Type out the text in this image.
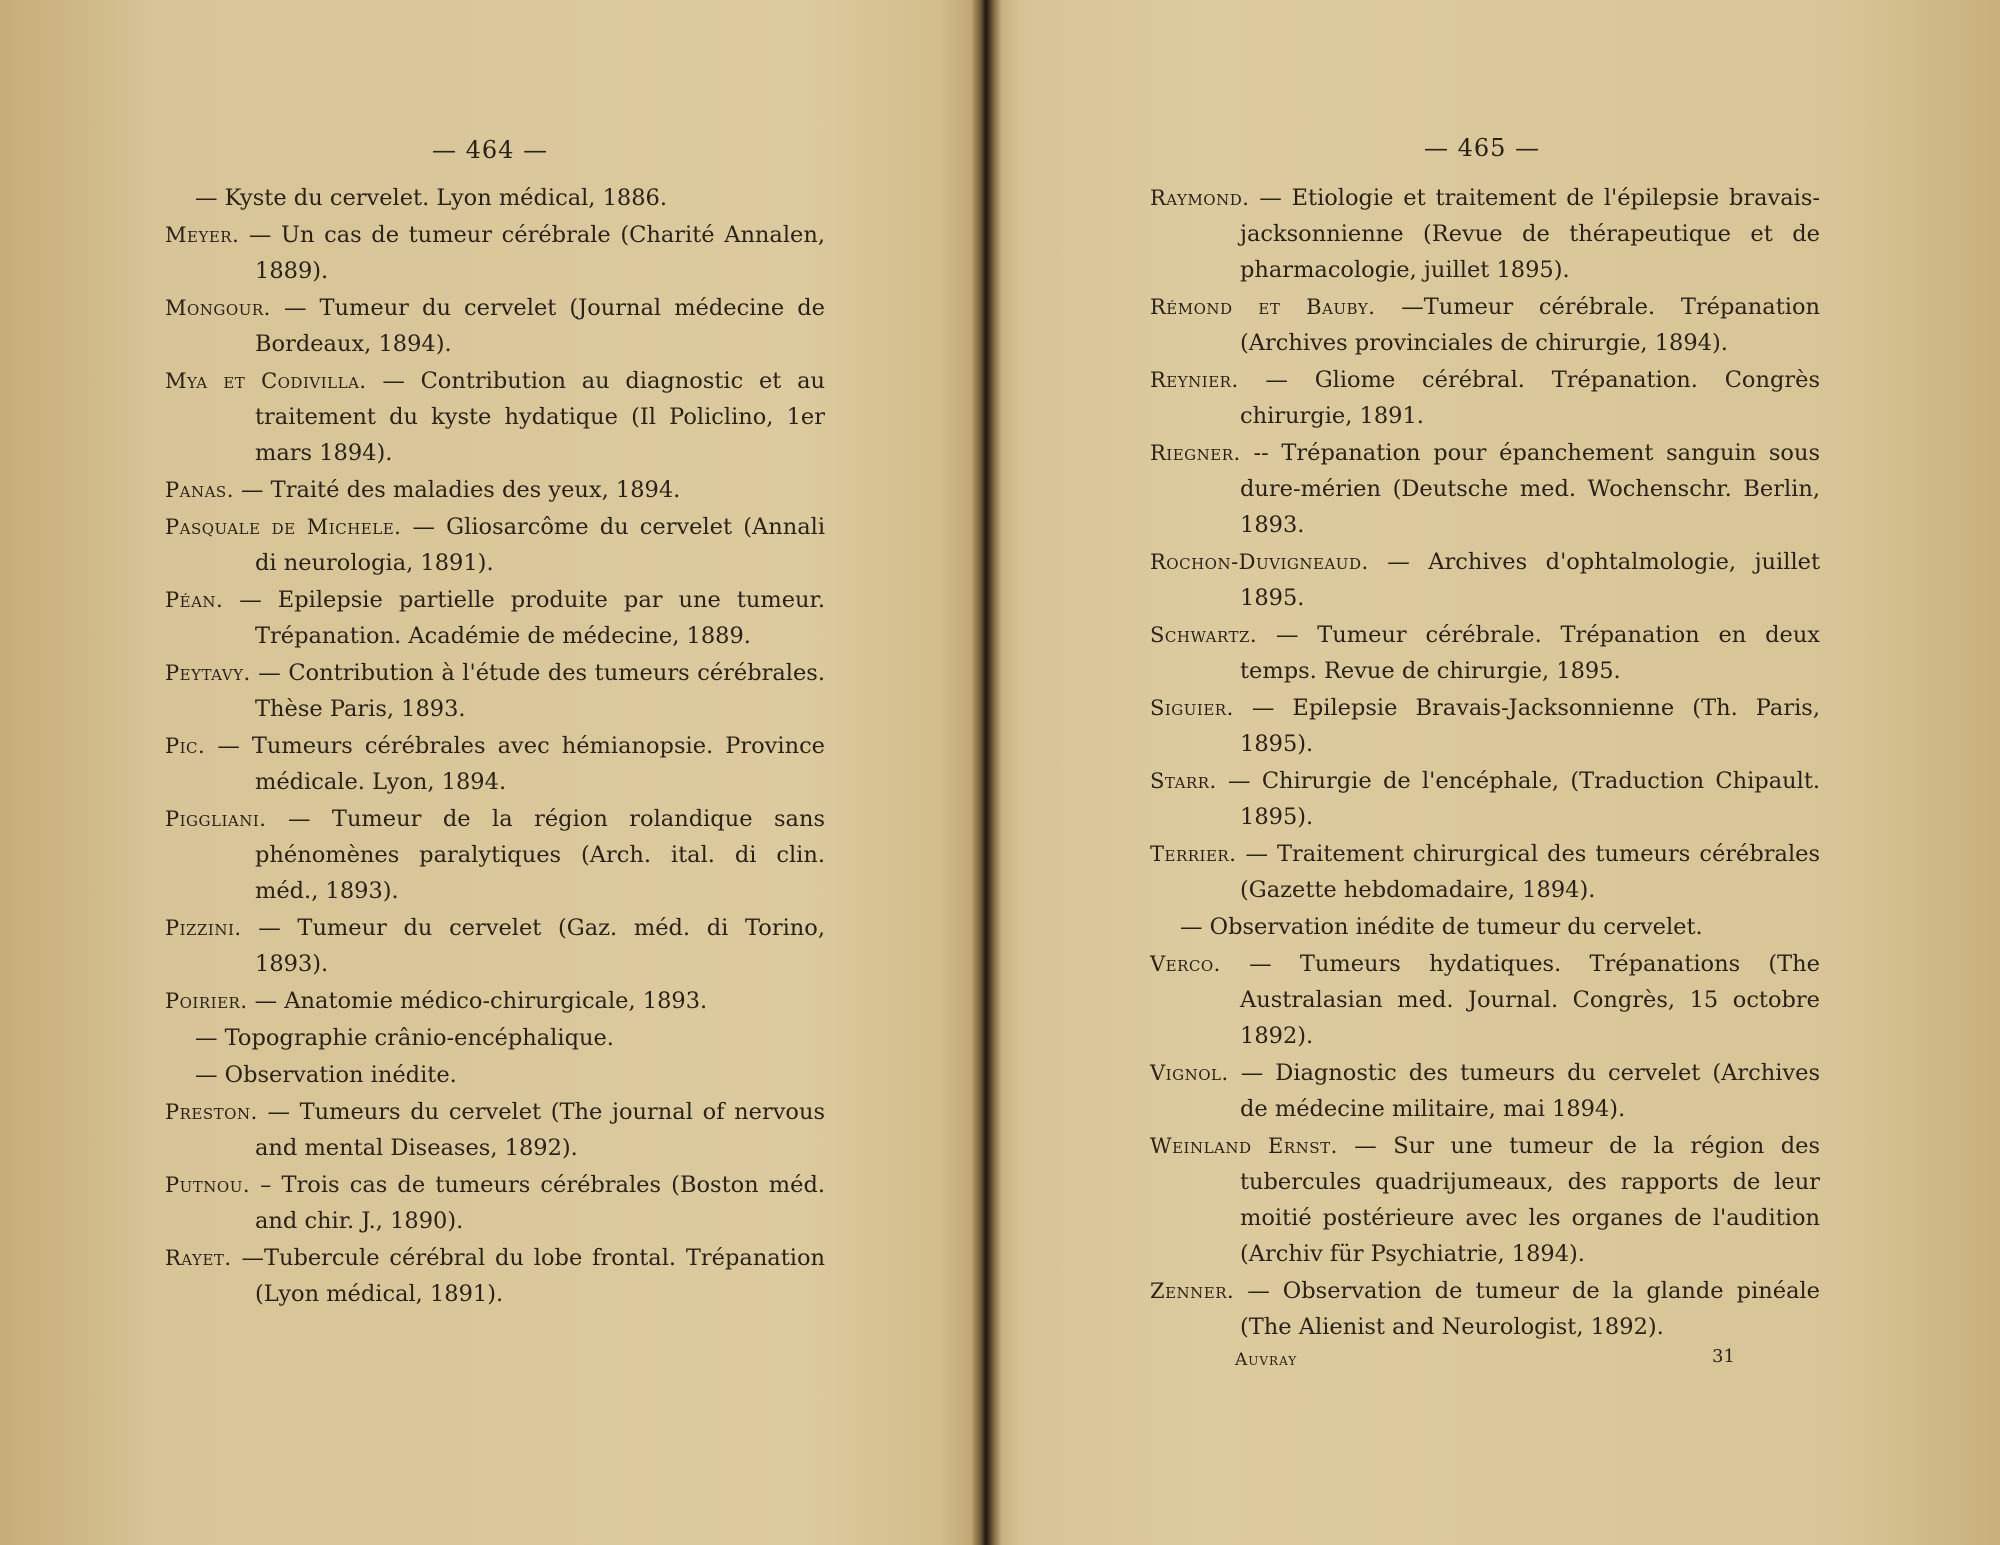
— 464 —
— Kyste du cervelet. Lyon médical, 1886.
Meyer. — Un cas de tumeur cérébrale (Charité Annalen, 1889).
Mongour. — Tumeur du cervelet (Journal médecine de Bordeaux, 1894).
Mya et Codivilla. — Contribution au diagnostic et au traitement du kyste hydatique (Il Policlino, 1er mars 1894).
Panas. — Traité des maladies des yeux, 1894.
Pasquale de Michele. — Gliosarcôme du cervelet (Annali di neurologia, 1891).
Péan. — Epilepsie partielle produite par une tumeur. Trépanation. Académie de médecine, 1889.
Peytavy. — Contribution à l'étude des tumeurs cérébrales. Thèse Paris, 1893.
Pic. — Tumeurs cérébrales avec hémianopsie. Province médicale. Lyon, 1894.
Piggliani. — Tumeur de la région rolandique sans phénomènes paralytiques (Arch. ital. di clin. méd., 1893).
Pizzini. — Tumeur du cervelet (Gaz. méd. di Torino, 1893).
Poirier. — Anatomie médico-chirurgicale, 1893.
— Topographie crânio-encéphalique.
— Observation inédite.
Preston. — Tumeurs du cervelet (The journal of nervous and mental Diseases, 1892).
Putnou. – Trois cas de tumeurs cérébrales (Boston méd. and chir. J., 1890).
Rayet. —Tubercule cérébral du lobe frontal. Trépanation (Lyon médical, 1891).
— 465 —
Raymond. — Etiologie et traitement de l'épilepsie bravais-jacksonnienne (Revue de thérapeutique et de pharmacologie, juillet 1895).
Rémond et Bauby. —Tumeur cérébrale. Trépanation (Archives provinciales de chirurgie, 1894).
Reynier. — Gliome cérébral. Trépanation. Congrès chirurgie, 1891.
Riegner. -- Trépanation pour épanchement sanguin sous dure-mérien (Deutsche med. Wochenschr. Berlin, 1893.
Rochon-Duvigneaud. — Archives d'ophtalmologie, juillet 1895.
Schwartz. — Tumeur cérébrale. Trépanation en deux temps. Revue de chirurgie, 1895.
Siguier. — Epilepsie Bravais-Jacksonnienne (Th. Paris, 1895).
Starr. — Chirurgie de l'encéphale, (Traduction Chipault. 1895).
Terrier. — Traitement chirurgical des tumeurs cérébrales (Gazette hebdomadaire, 1894).
— Observation inédite de tumeur du cervelet.
Verco. — Tumeurs hydatiques. Trépanations (The Australasian med. Journal. Congrès, 15 octobre 1892).
Vignol. — Diagnostic des tumeurs du cervelet (Archives de médecine militaire, mai 1894).
Weinland Ernst. — Sur une tumeur de la région des tubercules quadrijumeaux, des rapports de leur moitié postérieure avec les organes de l'audition (Archiv für Psychiatrie, 1894).
Zenner. — Observation de tumeur de la glande pinéale (The Alienist and Neurologist, 1892).
Auvray	31
